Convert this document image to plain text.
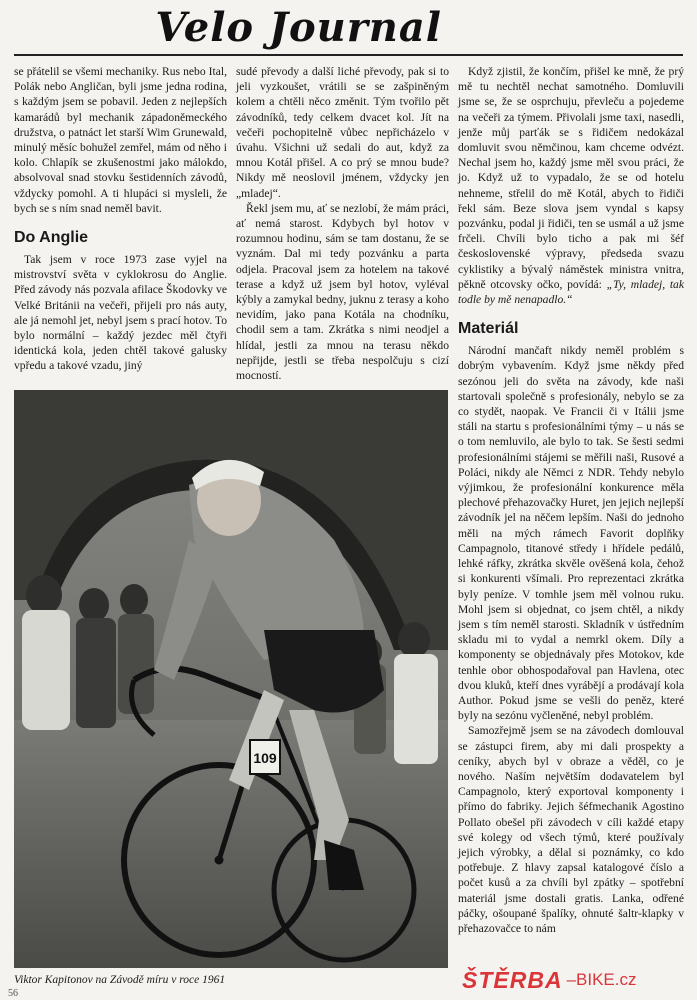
Velo Journal

se přátelil se všemi mechaniky. Rus nebo Ital, Polák nebo Angličan, byli jsme jedna rodina, s každým jsem se pobavil. Jeden z nejlepších kamarádů byl mechanik západoněmeckého družstva, o patnáct let starší Wim Grunewald, minulý měsíc bohužel zemřel, mám od něho i kolo. Chlapík se zkušenostmi jako málokdo, absolvoval snad stovku šestidenních závodů, vždycky pomohl. A ti hlupáci si mysleli, že bych se s ním snad neměl bavit.

Do Anglie

Tak jsem v roce 1973 zase vyjel na mistrovství světa v cyklokrosu do Anglie. Před závody nás pozvala afilace Škodovky ve Velké Británii na večeři, přijeli pro nás auty, ale já nemohl jet, nebyl jsem s prací hotov. To bylo normální – každý jezdec měl čtyři identická kola, jeden chtěl takové galusky vpředu a takové vzadu, jiný

sudé převody a další liché převody, pak si to jeli vyzkoušet, vrátili se se zašpiněným kolem a chtěli něco změnit. Tým tvořilo pět závodníků, tedy celkem dvacet kol. Jít na večeři pochopitelně vůbec nepřicházelo v úvahu. Všichni už sedali do aut, když za mnou Kotál přišel. A co prý se mnou bude? Nikdy mě neoslovil jménem, vždycky jen „mladej“.

Řekl jsem mu, ať se nezlobí, že mám práci, ať nemá starost. Kdybych byl hotov v rozumnou hodinu, sám se tam dostanu, že se vyznám. Dal mi tedy pozvánku a parta odjela. Pracoval jsem za hotelem na takové terase a když už jsem byl hotov, vyléval kýbly a zamykal bedny, juknu z terasy a koho nevidím, jako pana Kotála na chodníku, chodil sem a tam. Zkrátka s nimi neodjel a hlídal, jestli za mnou na terasu někdo nepřijde, jestli se třeba nespolčuju s cizí mocností.

Když zjistil, že končím, přišel ke mně, že prý mě tu nechtěl nechat samotného. Domluvili jsme se, že se osprchuju, převleču a pojedeme na večeři za týmem. Přivolali jsme taxi, nasedli, jenže můj parťák se s řidičem nedokázal domluvit svou němčinou, kam chceme odvézt. Nechal jsem ho, každý jsme měl svou práci, že jo. Když už to vypadalo, že se od hotelu nehneme, střelil do mě Kotál, abych to řidiči řekl sám. Beze slova jsem vyndal s kapsy pozvánku, podal ji řidiči, ten se usmál a už jsme frčeli. Chvíli bylo ticho a pak mi šéf československé výpravy, předseda svazu cyklistiky a bývalý náměstek ministra vnitra, pěkně otcovsky očko, povídá: „Ty, mladej, tak todle by mě nenapadlo.“

Materiál

Národní mančaft nikdy neměl problém s dobrým vybavením. Když jsme někdy před sezónou jeli do světa na závody, kde naši startovali společně s profesionály, nebylo se za co stydět, naopak. Ve Francii či v Itálii jsme stáli na startu s profesionálními týmy – u nás se o tom nemluvilo, ale bylo to tak. Se šesti sedmi profesionálními stájemi se měřili naši, Rusové a Poláci, nikdy ale Němci z NDR. Tehdy nebylo výjimkou, že profesionální konkurence měla plechové přehazovačky Huret, jen jejich nejlepší závodník jel na něčem lepším. Naši do jednoho měli na mých rámech Favorit doplňky Campagnolo, titanové středy i hřídele pedálů, lehké ráfky, zkrátka skvěle ověšená kola, čehož si konkurenti všímali. Pro reprezentaci zkrátka byly peníze. V tomhle jsem měl volnou ruku. Mohl jsem si objednat, co jsem chtěl, a nikdy jsem s tím neměl starosti. Skladník v ústředním skladu mi to vydal a nemrkl okem. Díly a komponenty se objednávaly přes Motokov, kde tenhle obor obhospodařoval pan Havlena, otec dvou kluků, kteří dnes vyrábějí a prodávají kola Author. Pokud jsme se vešli do peněz, které byly na sezónu vyčleněné, nebyl problém.

Samozřejmě jsem se na závodech domlouval se zástupci firem, aby mi dali prospekty a ceníky, abych byl v obraze a věděl, co je nového. Naším největším dodavatelem byl Campagnolo, který exportoval komponenty i přímo do fabriky. Jejich šéfmechanik Agostino Pollato obešel při závodech v cíli každé etapy své kolegy od všech týmů, které používaly jejich výrobky, a dělal si poznámky, co kdo potřebuje. Z hlavy zapsal katalogové číslo a počet kusů a za chvíli byl zpátky – spotřební materiál jsme dostali gratis. Lanka, odřené páčky, ošoupané špalíky, ohnuté šaltr-klapky v přehazovačce to nám

109
Viktor Kapitonov na Závodě míru v roce 1961
56
ŠTĚRBA –BIKE.cz
